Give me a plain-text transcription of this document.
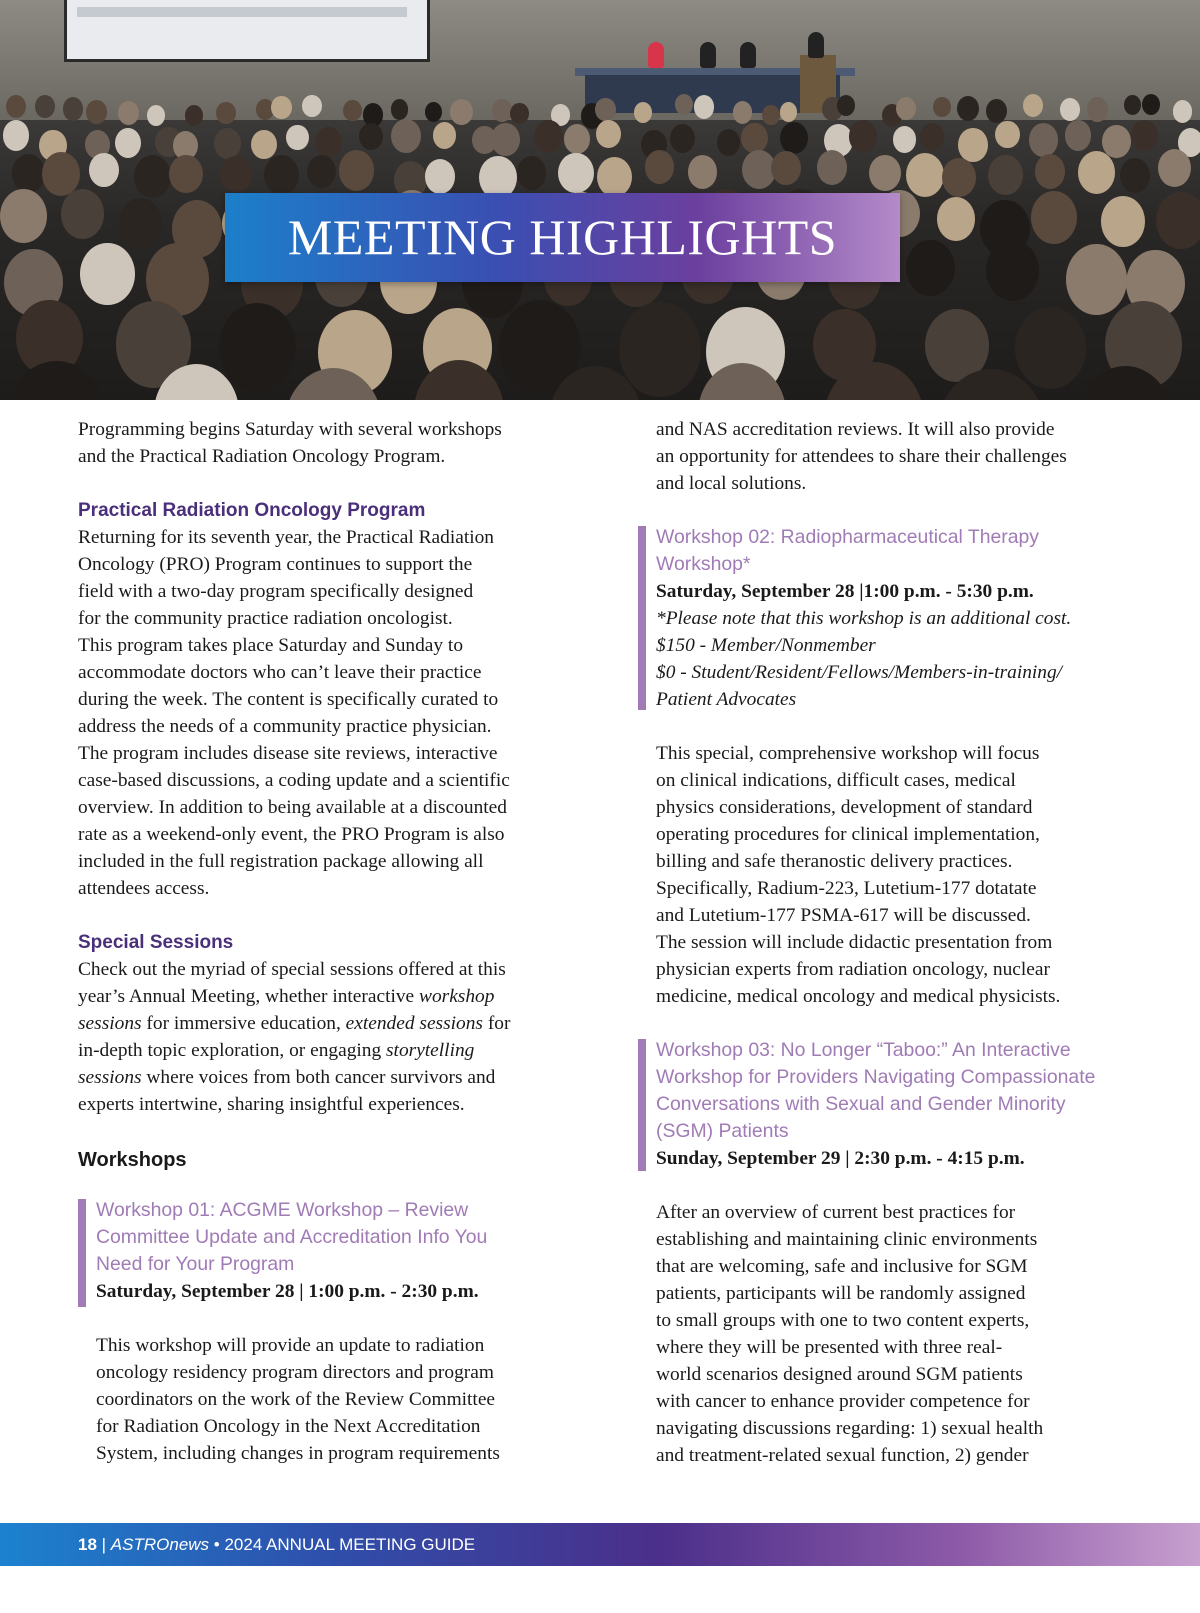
MEETING HIGHLIGHTS

Programming begins Saturday with several workshops

and the Practical Radiation Oncology Program.

Practical Radiation Oncology Program

Returning for its seventh year, the Practical Radiation

Oncology (PRO) Program continues to support the

field with a two-day program specifically designed

for the community practice radiation oncologist.

This program takes place Saturday and Sunday to

accommodate doctors who can’t leave their practice

during the week. The content is specifically curated to

address the needs of a community practice physician.

The program includes disease site reviews, interactive

case-based discussions, a coding update and a scientific

overview. In addition to being available at a discounted

rate as a weekend-only event, the PRO Program is also

included in the full registration package allowing all

attendees access.

Special Sessions

Check out the myriad of special sessions offered at this

year’s Annual Meeting, whether interactive workshop

sessions for immersive education, extended sessions for

in-depth topic exploration, or engaging storytelling

sessions where voices from both cancer survivors and

experts intertwine, sharing insightful experiences.

Workshops
Workshop 01: ACGME Workshop – Review
Committee Update and Accreditation Info You
Need for Your Program

Saturday, September 28 | 1:00 p.m. - 2:30 p.m.

This workshop will provide an update to radiation

oncology residency program directors and program

coordinators on the work of the Review Committee

for Radiation Oncology in the Next Accreditation

System, including changes in program requirements

and NAS accreditation reviews. It will also provide

an opportunity for attendees to share their challenges

and local solutions.

Workshop 02: Radiopharmaceutical Therapy
Workshop*

Saturday, September 28 |1:00 p.m. - 5:30 p.m.

*Please note that this workshop is an additional cost.

$150 - Member/Nonmember

$0 - Student/Resident/Fellows/Members-in-training/

Patient Advocates

This special, comprehensive workshop will focus

on clinical indications, difficult cases, medical

physics considerations, development of standard

operating procedures for clinical implementation,

billing and safe theranostic delivery practices.

Specifically, Radium-223, Lutetium-177 dotatate

and Lutetium-177 PSMA-617 will be discussed.

The session will include didactic presentation from

physician experts from radiation oncology, nuclear

medicine, medical oncology and medical physicists.

Workshop 03: No Longer “Taboo:” An Interactive
Workshop for Providers Navigating Compassionate
Conversations with Sexual and Gender Minority
(SGM) Patients

Sunday, September 29 | 2:30 p.m. - 4:15 p.m.

After an overview of current best practices for

establishing and maintaining clinic environments

that are welcoming, safe and inclusive for SGM

patients, participants will be randomly assigned

to small groups with one to two content experts,

where they will be presented with three real-

world scenarios designed around SGM patients

with cancer to enhance provider competence for

navigating discussions regarding: 1) sexual health

and treatment-related sexual function, 2) gender

18 | ASTROnews • 2024 ANNUAL MEETING GUIDE
